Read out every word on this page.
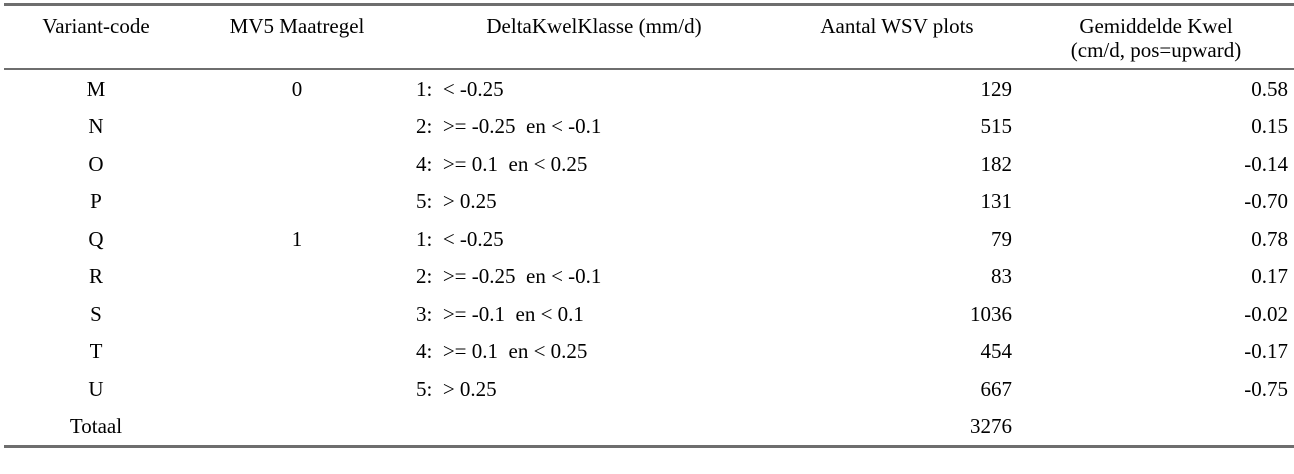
Variant-code	MV5 Maatregel	DeltaKwelKlasse (mm/d)	Aantal WSV plots	Gemiddelde Kwel
(cm/d, pos=upward)

M	0	1:  < -0.25	129	0.58
N		2:  >= -0.25  en < -0.1	515	0.15
O		4:  >= 0.1  en < 0.25	182	-0.14
P		5:  > 0.25	131	-0.70
Q	1	1:  < -0.25	79	0.78
R		2:  >= -0.25  en < -0.1	83	0.17
S		3:  >= -0.1  en < 0.1	1036	-0.02
T		4:  >= 0.1  en < 0.25	454	-0.17
U		5:  > 0.25	667	-0.75
Totaal			3276	
